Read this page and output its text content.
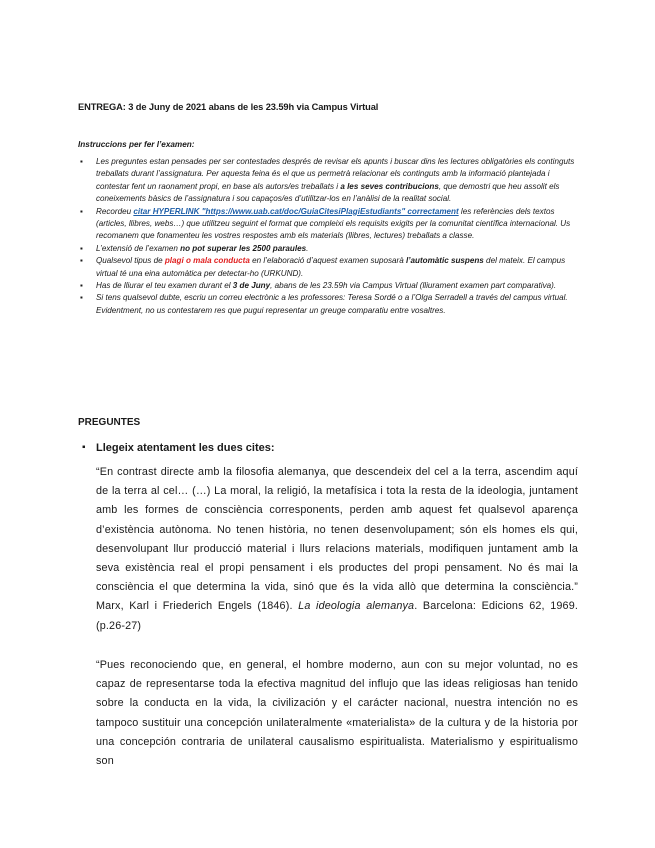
ENTREGA: 3 de Juny de 2021 abans de les 23.59h via Campus Virtual
Instruccions per fer l’examen:
▪ Les preguntes estan pensades per ser contestades després de revisar els apunts i buscar dins les lectures obligatòries els continguts treballats durant l’assignatura. Per aquesta feina és el que us permetrà relacionar els continguts amb la informació plantejada i contestar fent un raonament propi, en base als autors/es treballats i a les seves contribucions, que demostri que heu assolit els coneixements bàsics de l’assignatura i sou capaços/es d’utilitzar-los en l’anàlisi de la realitat social.
▪ Recordeu citar HYPERLINK "https://www.uab.cat/doc/GuiaCitesiPlagiEstudiants" correctament les referències dels textos (articles, llibres, webs…) que utilitzeu seguint el format que compleixi els requisits exigits per la comunitat científica internacional. Us recomanem que fonamenteu les vostres respostes amb els materials (llibres, lectures) treballats a classe.
▪ L’extensió de l’examen no pot superar les 2500 paraules.
▪ Qualsevol tipus de plagi o mala conducta en l’elaboració d’aquest examen suposarà l’automàtic suspens del mateix. El campus virtual té una eina automàtica per detectar-ho (URKUND).
▪ Has de lliurar el teu examen durant el 3 de Juny, abans de les 23.59h via Campus Virtual (lliurament examen part comparativa).
▪ Si tens qualsevol dubte, escriu un correu electrònic a les professores: Teresa Sordé o a l’Olga Serradell a través del campus virtual. Evidentment, no us contestarem res que pugui representar un greuge comparatiu entre vosaltres.
PREGUNTES
▪ Llegeix atentament les dues cites:

“En contrast directe amb la filosofia alemanya, que descendeix del cel a la terra, ascendim aquí de la terra al cel… (…) La moral, la religió, la metafísica i tota la resta de la ideologia, juntament amb les formes de consciència corresponents, perden amb aquest fet qualsevol aparença d’existència autònoma. No tenen història, no tenen desenvolupament; són els homes els qui, desenvolupant llur producció material i llurs relacions materials, modifiquen juntament amb la seva existència real el propi pensament i els productes del propi pensament. No és mai la consciència el que determina la vida, sinó que és la vida allò que determina la consciència.” Marx, Karl i Friederich Engels (1846). La ideologia alemanya. Barcelona: Edicions 62, 1969. (p.26-27)

“Pues reconociendo que, en general, el hombre moderno, aun con su mejor voluntad, no es capaz de representarse toda la efectiva magnitud del influjo que las ideas religiosas han tenido sobre la conducta en la vida, la civilización y el carácter nacional, nuestra intención no es tampoco sustituir una concepción unilateralmente «materialista» de la cultura y de la historia por una concepción contraria de unilateral causalismo espiritualista. Materialismo y espiritualismo son
